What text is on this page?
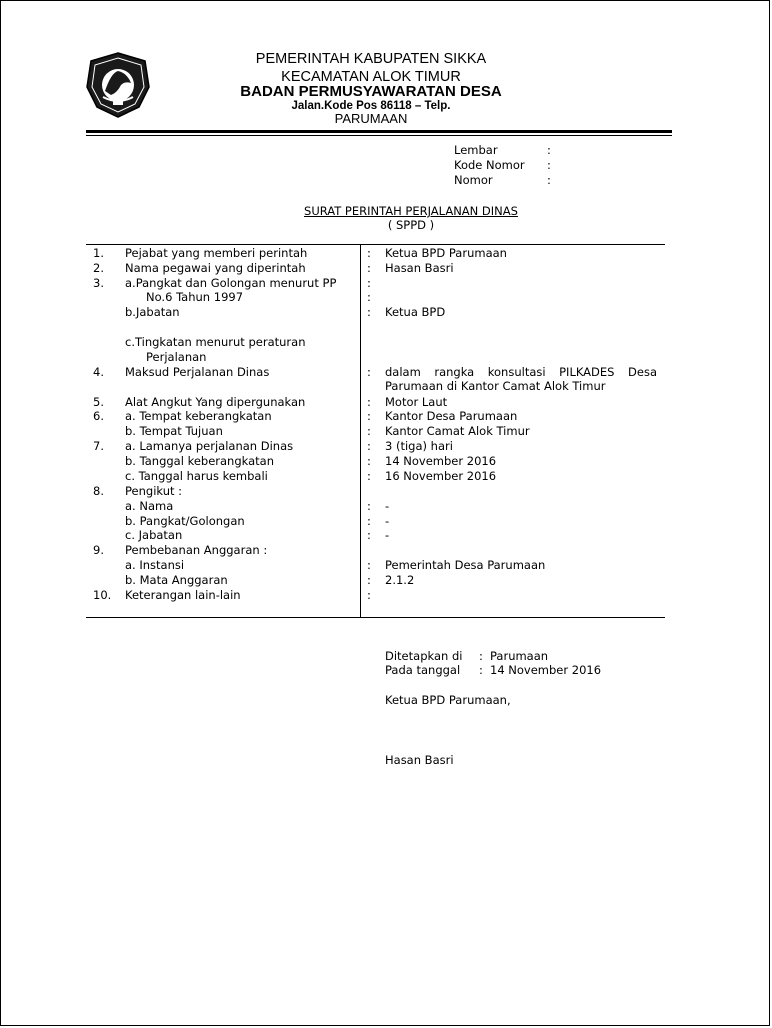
PEMERINTAH KABUPATEN SIKKA
KECAMATAN ALOK TIMUR
BADAN PERMUSYAWARATAN DESA
Jalan.Kode Pos 86118 – Telp.
PARUMAAN
Lembar	:
Kode Nomor :
Nomor	:
SURAT PERINTAH PERJALANAN DINAS
( SPPD )
1. Pejabat yang memberi perintah	: Ketua BPD Parumaan
2. Nama pegawai yang diperintah	: Hasan Basri
3. a.Pangkat dan Golongan menurut PP	:
No.6 Tahun 1997	:
b.Jabatan	: Ketua BPD
c.Tingkatan menurut peraturan
Perjalanan
4. Maksud Perjalanan Dinas	: dalam rangka konsultasi PILKADES Desa
Parumaan di Kantor Camat Alok Timur
5. Alat Angkut Yang dipergunakan	: Motor Laut
6. a. Tempat keberangkatan	: Kantor Desa Parumaan
b. Tempat Tujuan	: Kantor Camat Alok Timur
7. a. Lamanya perjalanan Dinas	: 3 (tiga) hari
b. Tanggal keberangkatan	: 14 November 2016
c. Tanggal harus kembali	: 16 November 2016
8. Pengikut :
a. Nama	: -
b. Pangkat/Golongan	: -
c. Jabatan	: -
9. Pembebanan Anggaran :
a. Instansi	: Pemerintah Desa Parumaan
b. Mata Anggaran	: 2.1.2
10. Keterangan lain-lain	:
Ditetapkan di : Parumaan
Pada tanggal : 14 November 2016
Ketua BPD Parumaan,
Hasan Basri
